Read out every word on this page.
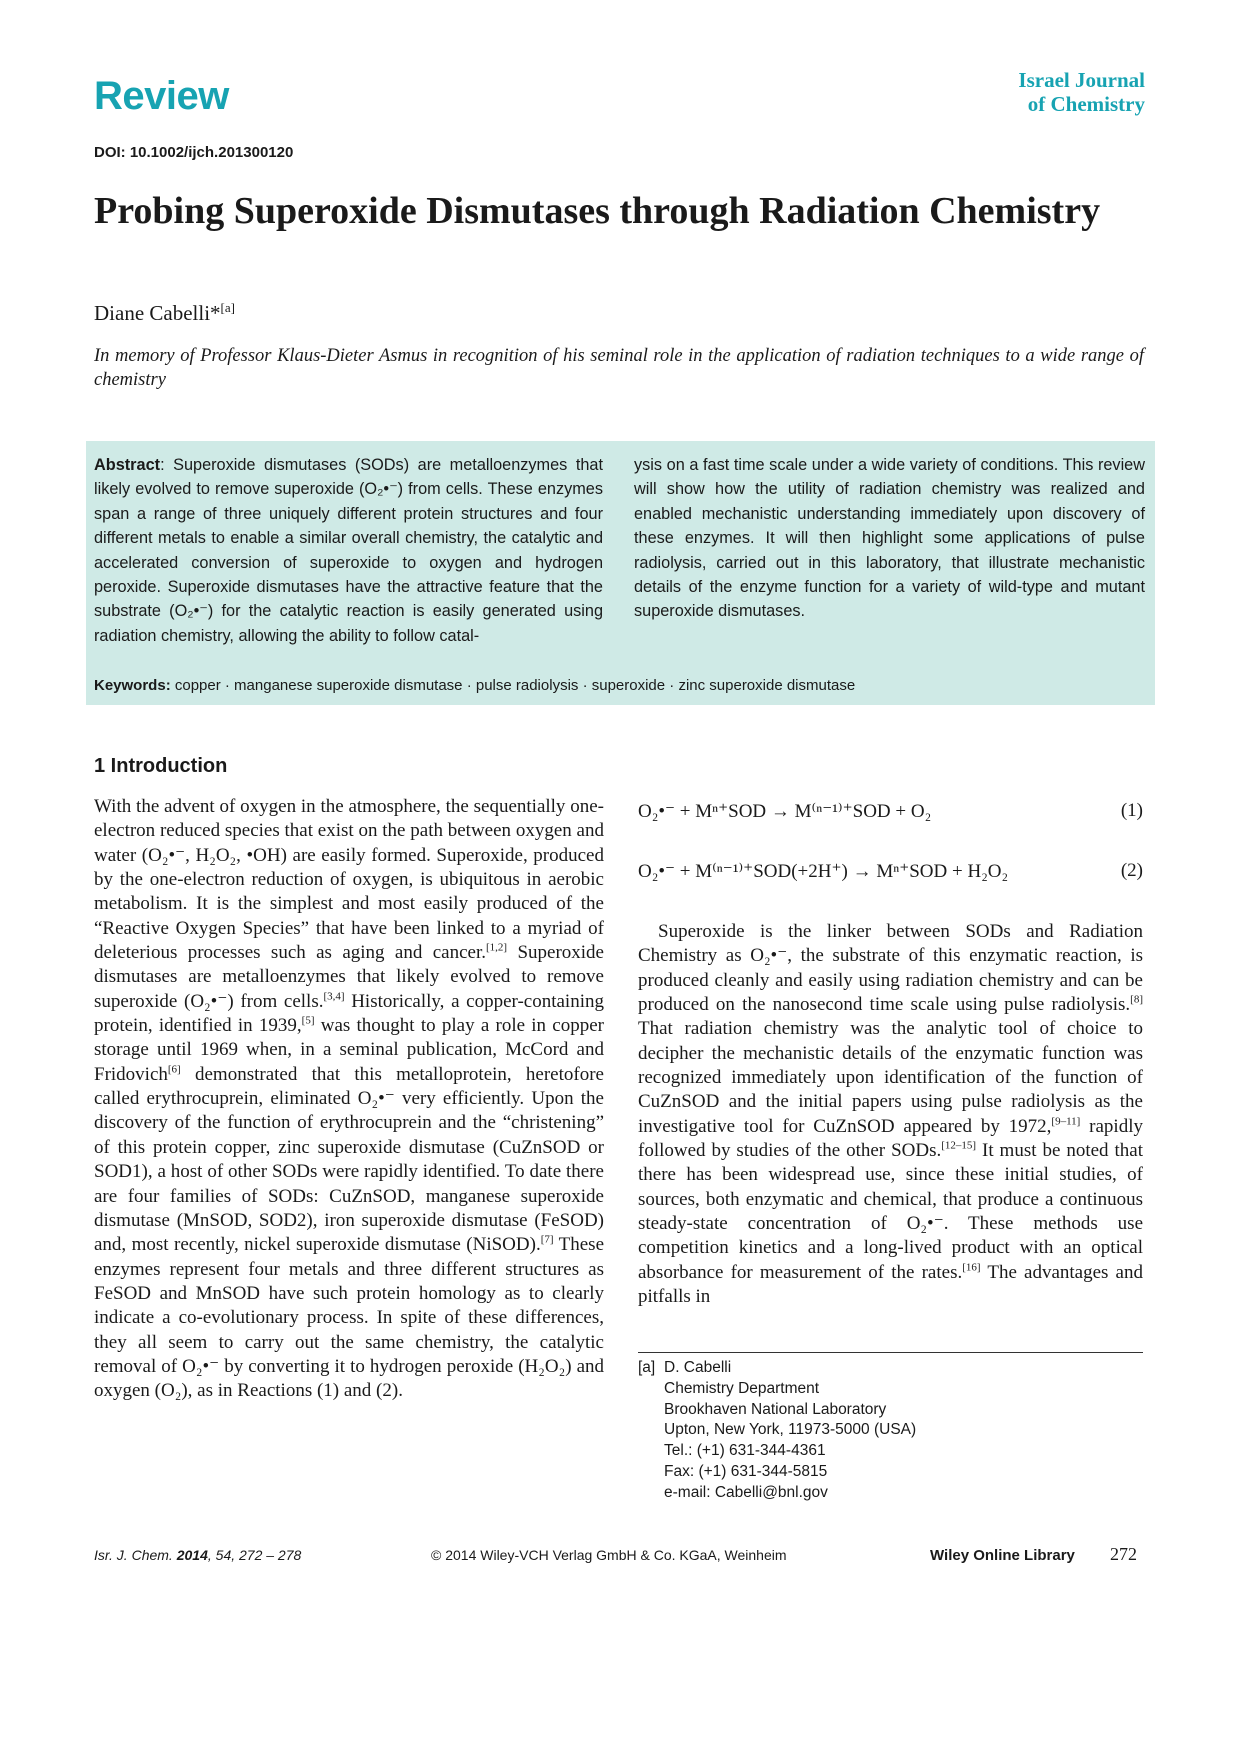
Review	Israel Journal
of Chemistry
DOI: 10.1002/ijch.201300120
Probing Superoxide Dismutases through Radiation Chemistry
Diane Cabelli*[a]
In memory of Professor Klaus-Dieter Asmus in recognition of his seminal role in the application of radiation techniques to a wide range of chemistry
Abstract: Superoxide dismutases (SODs) are metalloenzymes that likely evolved to remove superoxide (O₂•⁻) from cells. These enzymes span a range of three uniquely different protein structures and four different metals to enable a similar overall chemistry, the catalytic and accelerated conversion of superoxide to oxygen and hydrogen peroxide. Superoxide dismutases have the attractive feature that the substrate (O₂•⁻) for the catalytic reaction is easily generated using radiation chemistry, allowing the ability to follow catal-
ysis on a fast time scale under a wide variety of conditions. This review will show how the utility of radiation chemistry was realized and enabled mechanistic understanding immediately upon discovery of these enzymes. It will then highlight some applications of pulse radiolysis, carried out in this laboratory, that illustrate mechanistic details of the enzyme function for a variety of wild-type and mutant superoxide dismutases.
Keywords: copper · manganese superoxide dismutase · pulse radiolysis · superoxide · zinc superoxide dismutase
1 Introduction
With the advent of oxygen in the atmosphere, the sequentially one-electron reduced species that exist on the path between oxygen and water (O₂•⁻, H₂O₂, •OH) are easily formed. Superoxide, produced by the one-electron reduction of oxygen, is ubiquitous in aerobic metabolism. It is the simplest and most easily produced of the “Reactive Oxygen Species” that have been linked to a myriad of deleterious processes such as aging and cancer.[1,2] Superoxide dismutases are metalloenzymes that likely evolved to remove superoxide (O₂•⁻) from cells.[3,4] Historically, a copper-containing protein, identified in 1939,[5] was thought to play a role in copper storage until 1969 when, in a seminal publication, McCord and Fridovich[6] demonstrated that this metalloprotein, heretofore called erythrocuprein, eliminated O₂•⁻ very efficiently. Upon the discovery of the function of erythrocuprein and the “christening” of this protein copper, zinc superoxide dismutase (CuZnSOD or SOD1), a host of other SODs were rapidly identified. To date there are four families of SODs: CuZnSOD, manganese superoxide dismutase (MnSOD, SOD2), iron superoxide dismutase (FeSOD) and, most recently, nickel superoxide dismutase (NiSOD).[7] These enzymes represent four metals and three different structures as FeSOD and MnSOD have such protein homology as to clearly indicate a co-evolutionary process. In spite of these differences, they all seem to carry out the same chemistry, the catalytic removal of O₂•⁻ by converting it to hydrogen peroxide (H₂O₂) and oxygen (O₂), as in Reactions (1) and (2).
O₂•⁻ + Mⁿ⁺SOD → M⁽ⁿ⁻¹⁾⁺SOD + O₂	(1)
O₂•⁻ + M⁽ⁿ⁻¹⁾⁺SOD(+2H⁺) → Mⁿ⁺SOD + H₂O₂	(2)
Superoxide is the linker between SODs and Radiation Chemistry as O₂•⁻, the substrate of this enzymatic reaction, is produced cleanly and easily using radiation chemistry and can be produced on the nanosecond time scale using pulse radiolysis.[8] That radiation chemistry was the analytic tool of choice to decipher the mechanistic details of the enzymatic function was recognized immediately upon identification of the function of CuZnSOD and the initial papers using pulse radiolysis as the investigative tool for CuZnSOD appeared by 1972,[9–11] rapidly followed by studies of the other SODs.[12–15] It must be noted that there has been widespread use, since these initial studies, of sources, both enzymatic and chemical, that produce a continuous steady-state concentration of O₂•⁻. These methods use competition kinetics and a long-lived product with an optical absorbance for measurement of the rates.[16] The advantages and pitfalls in
[a] D. Cabelli
Chemistry Department
Brookhaven National Laboratory
Upton, New York, 11973-5000 (USA)
Tel.: (+1) 631-344-4361
Fax: (+1) 631-344-5815
e-mail: Cabelli@bnl.gov
Isr. J. Chem. 2014, 54, 272 – 278	© 2014 Wiley-VCH Verlag GmbH & Co. KGaA, Weinheim	Wiley Online Library 272
